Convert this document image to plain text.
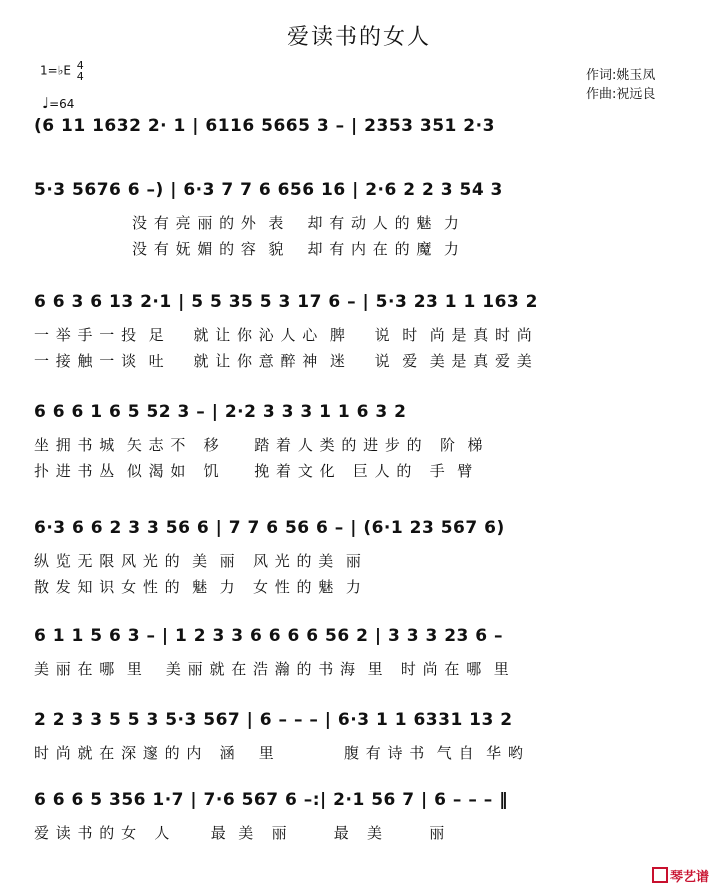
爱读书的女人
1=♭E 4
4
♩=64
作词:姚玉凤
作曲:祝远良
(6 11 1632 2· 1 | 6116 5665 3 – | 2353 351 2·3
5·3 5676 6 –) | 6·3 7 7 6 656 16 | 2·6 2 2 3 54 3
没 有 亮 丽 的 外  表    却 有 动 人 的 魅  力
没 有 妩 媚 的 容  貌    却 有 内 在 的 魔  力
6 6 3 6 13 2·1 | 5 5 35 5 3 17 6 – | 5·3 23 1 1 163 2
一 举 手 一 投  足     就 让 你 沁 人 心  脾     说  时  尚 是 真 时 尚
一 接 触 一 谈  吐     就 让 你 意 醉 神  迷     说  爱  美 是 真 爱 美
6 6 6 1 6 5 52 3 – | 2·2 3 3 3 1 1 6 3 2
坐 拥 书 城  矢 志 不   移      踏 着 人 类 的 进 步 的   阶  梯
扑 进 书 丛  似 渴 如   饥      挽 着 文 化   巨 人 的   手  臂
6·3 6 6 2 3 3 56 6 | 7 7 6 56 6 – | (6·1 23 567 6)
纵 览 无 限 风 光 的  美  丽   风 光 的 美  丽
散 发 知 识 女 性 的  魅  力   女 性 的 魅  力
6 1 1 5 6 3 – | 1 2 3 3 6 6 6 6 56 2 | 3 3 3 23 6 –
美 丽 在 哪  里    美 丽 就 在 浩 瀚 的 书 海  里   时 尚 在 哪  里
2 2 3 3 5 5 3 5·3 567 | 6 – – – | 6·3 1 1 6331 13 2
时 尚 就 在 深 邃 的 内   涵    里            腹 有 诗 书  气 自  华 哟
6 6 6 5 356 1·7 | 7·6 567 6 –:| 2·1 56 7 | 6 – – – ‖
爱 读 书 的 女   人       最  美   丽        最   美        丽
琴艺谱
